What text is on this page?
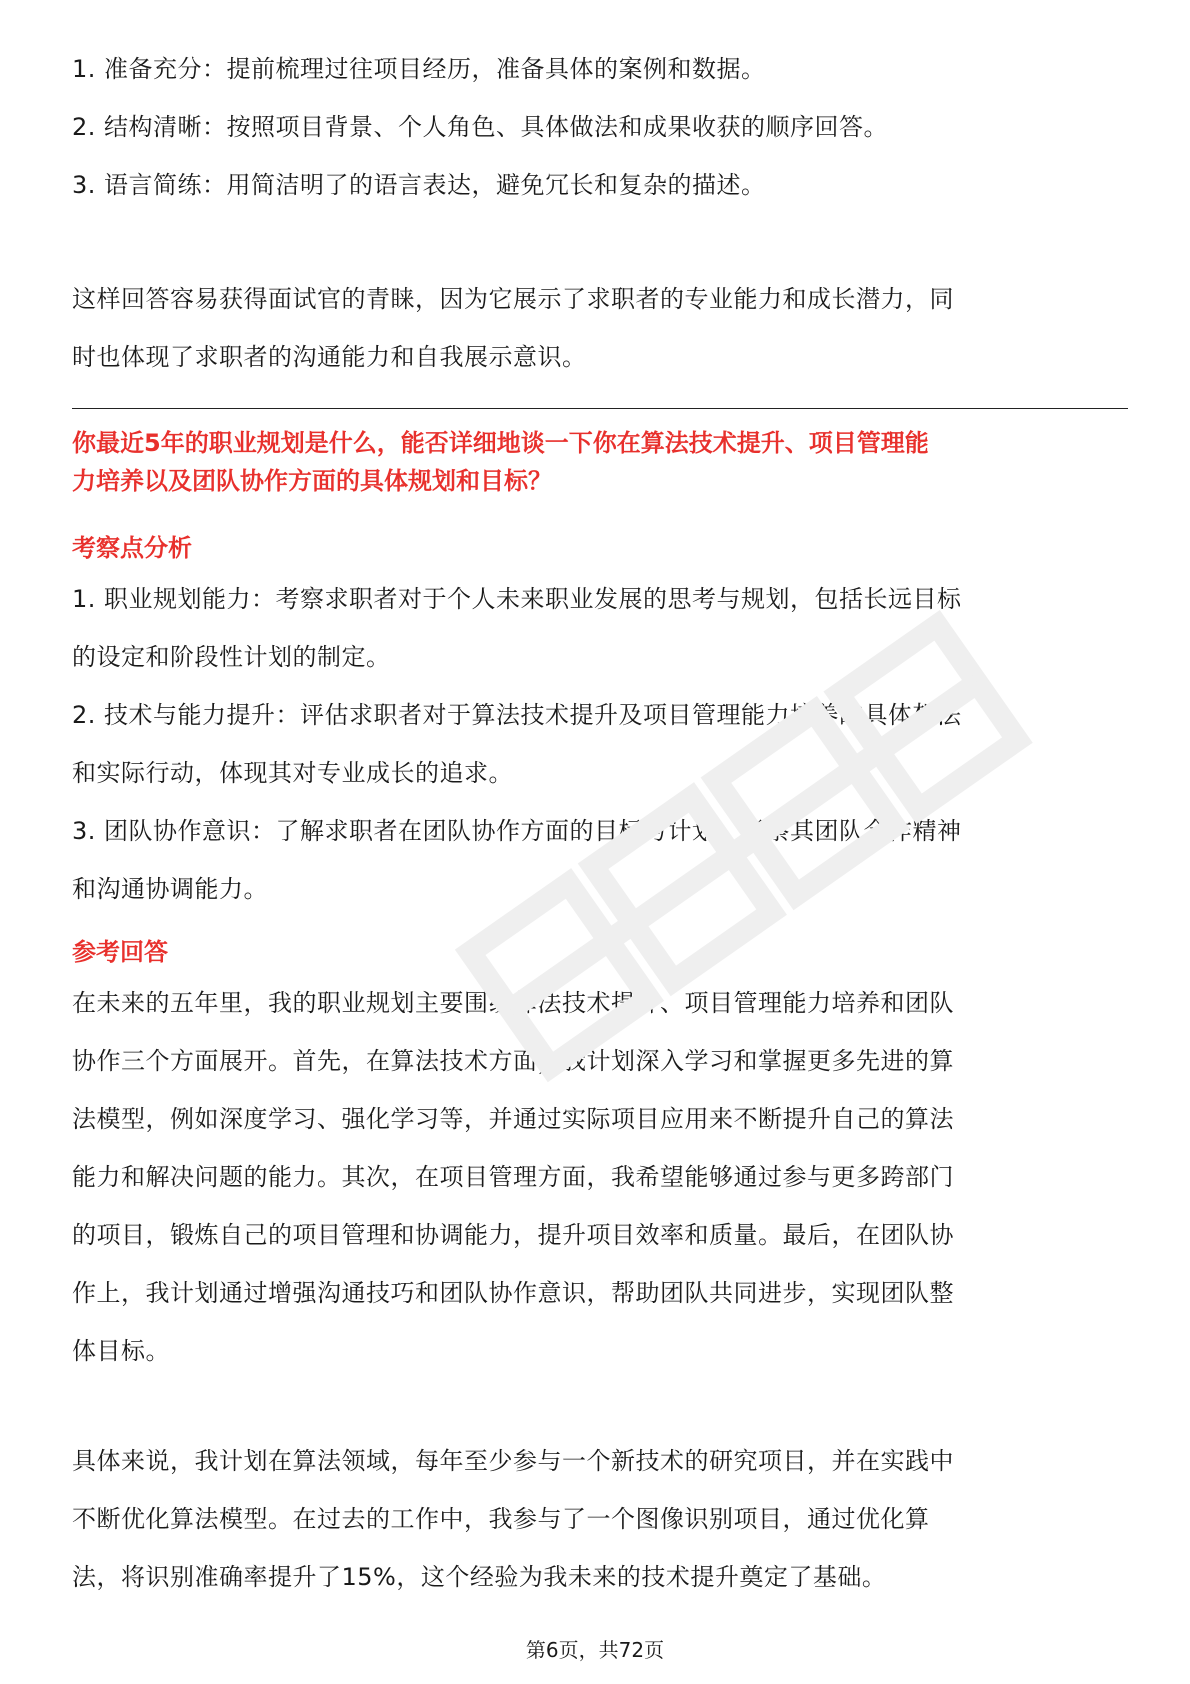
1. 准备充分：提前梳理过往项目经历，准备具体的案例和数据。

2. 结构清晰：按照项目背景、个人角色、具体做法和成果收获的顺序回答。

3. 语言简练：用简洁明了的语言表达，避免冗长和复杂的描述。

这样回答容易获得面试官的青睐，因为它展示了求职者的专业能力和成长潜力，同

时也体现了求职者的沟通能力和自我展示意识。

你最近5年的职业规划是什么，能否详细地谈一下你在算法技术提升、项目管理能
力培养以及团队协作方面的具体规划和目标？

考察点分析

1. 职业规划能力：考察求职者对于个人未来职业发展的思考与规划，包括长远目标

的设定和阶段性计划的制定。

2. 技术与能力提升：评估求职者对于算法技术提升及项目管理能力培养的具体想法

和实际行动，体现其对专业成长的追求。

3. 团队协作意识：了解求职者在团队协作方面的目标与计划，考察其团队合作精神

和沟通协调能力。

参考回答

在未来的五年里，我的职业规划主要围绕算法技术提升、项目管理能力培养和团队

协作三个方面展开。首先，在算法技术方面，我计划深入学习和掌握更多先进的算

法模型，例如深度学习、强化学习等，并通过实际项目应用来不断提升自己的算法

能力和解决问题的能力。其次，在项目管理方面，我希望能够通过参与更多跨部门

的项目，锻炼自己的项目管理和协调能力，提升项目效率和质量。最后，在团队协

作上，我计划通过增强沟通技巧和团队协作意识，帮助团队共同进步，实现团队整

体目标。

具体来说，我计划在算法领域，每年至少参与一个新技术的研究项目，并在实践中

不断优化算法模型。在过去的工作中，我参与了一个图像识别项目，通过优化算

法，将识别准确率提升了15%，这个经验为我未来的技术提升奠定了基础。

第6页，共72页
